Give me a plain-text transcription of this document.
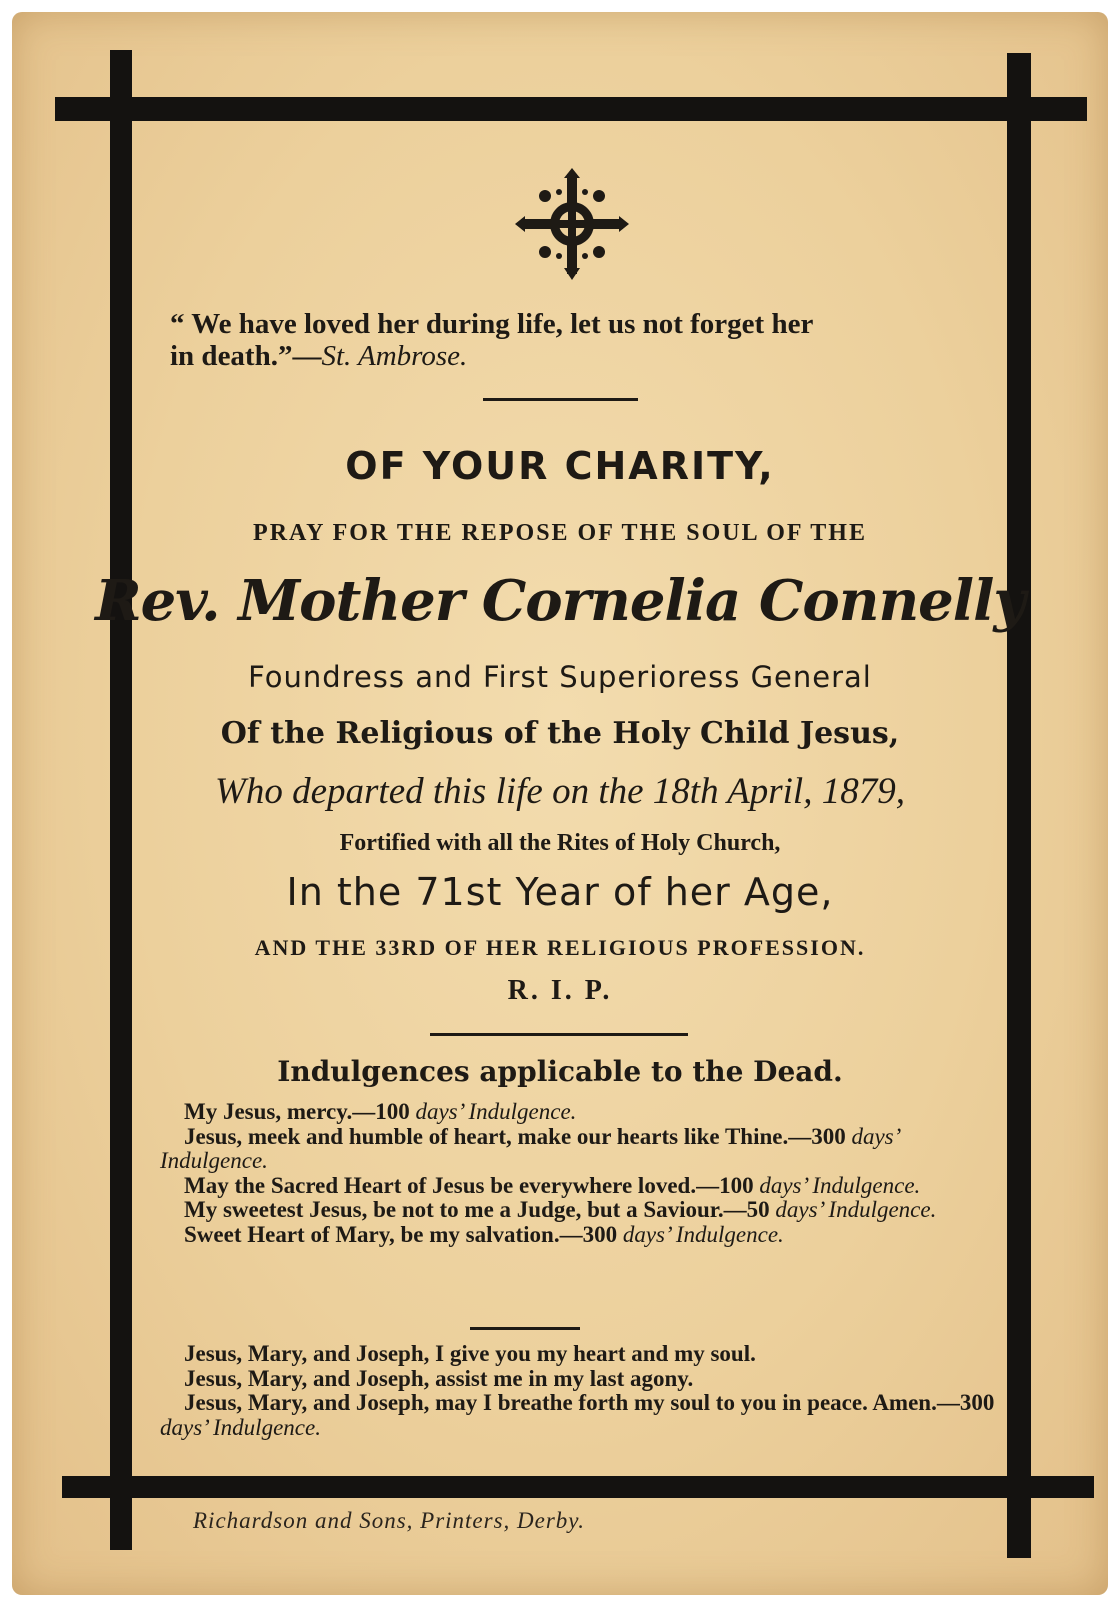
“ We have loved her during life, let us not forget her
in death.”—St. Ambrose.
OF YOUR CHARITY,
PRAY FOR THE REPOSE OF THE SOUL OF THE
Rev. Mother Cornelia Connelly
Foundress and First Superioress General
Of the Religious of the Holy Child Jesus,
Who departed this life on the 18th April, 1879,
Fortified with all the Rites of Holy Church,
In the 71st Year of her Age,
AND THE 33RD OF HER RELIGIOUS PROFESSION.
R. I. P.
Indulgences applicable to the Dead.

My Jesus, mercy.—100 days’ Indulgence.

Jesus, meek and humble of heart, make our hearts like Thine.—300 days’ Indulgence.

May the Sacred Heart of Jesus be everywhere loved.—100 days’ Indulgence.

My sweetest Jesus, be not to me a Judge, but a Saviour.—50 days’ Indulgence.

Sweet Heart of Mary, be my salvation.—300 days’ Indulgence.

Jesus, Mary, and Joseph, I give you my heart and my soul.

Jesus, Mary, and Joseph, assist me in my last agony.

Jesus, Mary, and Joseph, may I breathe forth my soul to you in peace. Amen.—300 days’ Indulgence.

Richardson and Sons, Printers, Derby.
